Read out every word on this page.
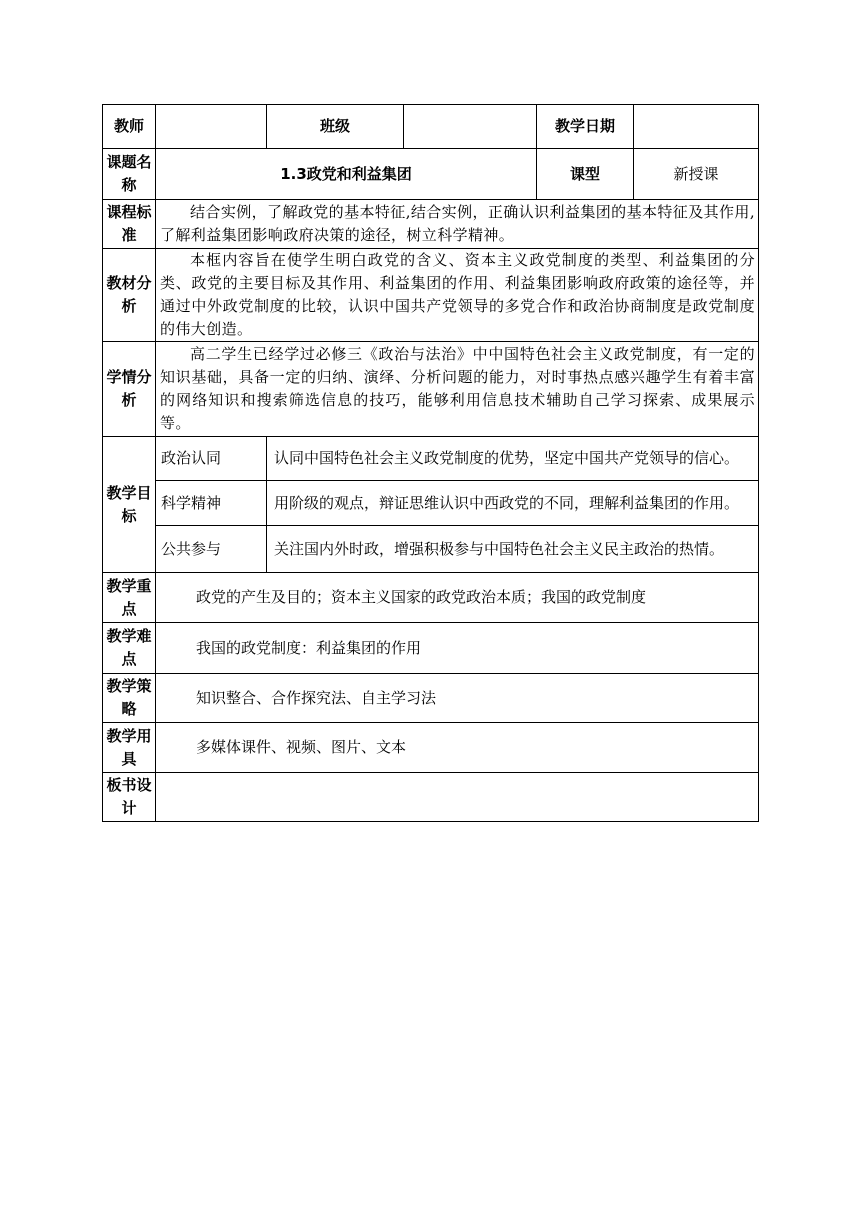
教师		班级		教学日期	
课题名称	1.3政党和利益集团			课型	新授课
课程标准	结合实例，了解政党的基本特征,结合实例，正确认识利益集团的基本特征及其作用,了解利益集团影响政府决策的途径，树立科学精神。				
教材分析	本框内容旨在使学生明白政党的含义、资本主义政党制度的类型、利益集团的分类、政党的主要目标及其作用、利益集团的作用、利益集团影响政府政策的途径等，并通过中外政党制度的比较，认识中国共产党领导的多党合作和政治协商制度是政党制度的伟大创造。				
学情分析	高二学生已经学过必修三《政治与法治》中中国特色社会主义政党制度，有一定的知识基础，具备一定的归纳、演绎、分析问题的能力，对时事热点感兴趣学生有着丰富的网络知识和搜索筛选信息的技巧，能够利用信息技术辅助自己学习探索、成果展示等。				
教学目标	政治认同	认同中国特色社会主义政党制度的优势，坚定中国共产党领导的信心。			
	科学精神	用阶级的观点，辩证思维认识中西政党的不同，理解利益集团的作用。			
	公共参与	关注国内外时政，增强积极参与中国特色社会主义民主政治的热情。			
教学重点	政党的产生及目的；资本主义国家的政党政治本质；我国的政党制度				
教学难点	我国的政党制度：利益集团的作用				
教学策略	知识整合、合作探究法、自主学习法				
教学用具	多媒体课件、视频、图片、文本				
板书设计					
